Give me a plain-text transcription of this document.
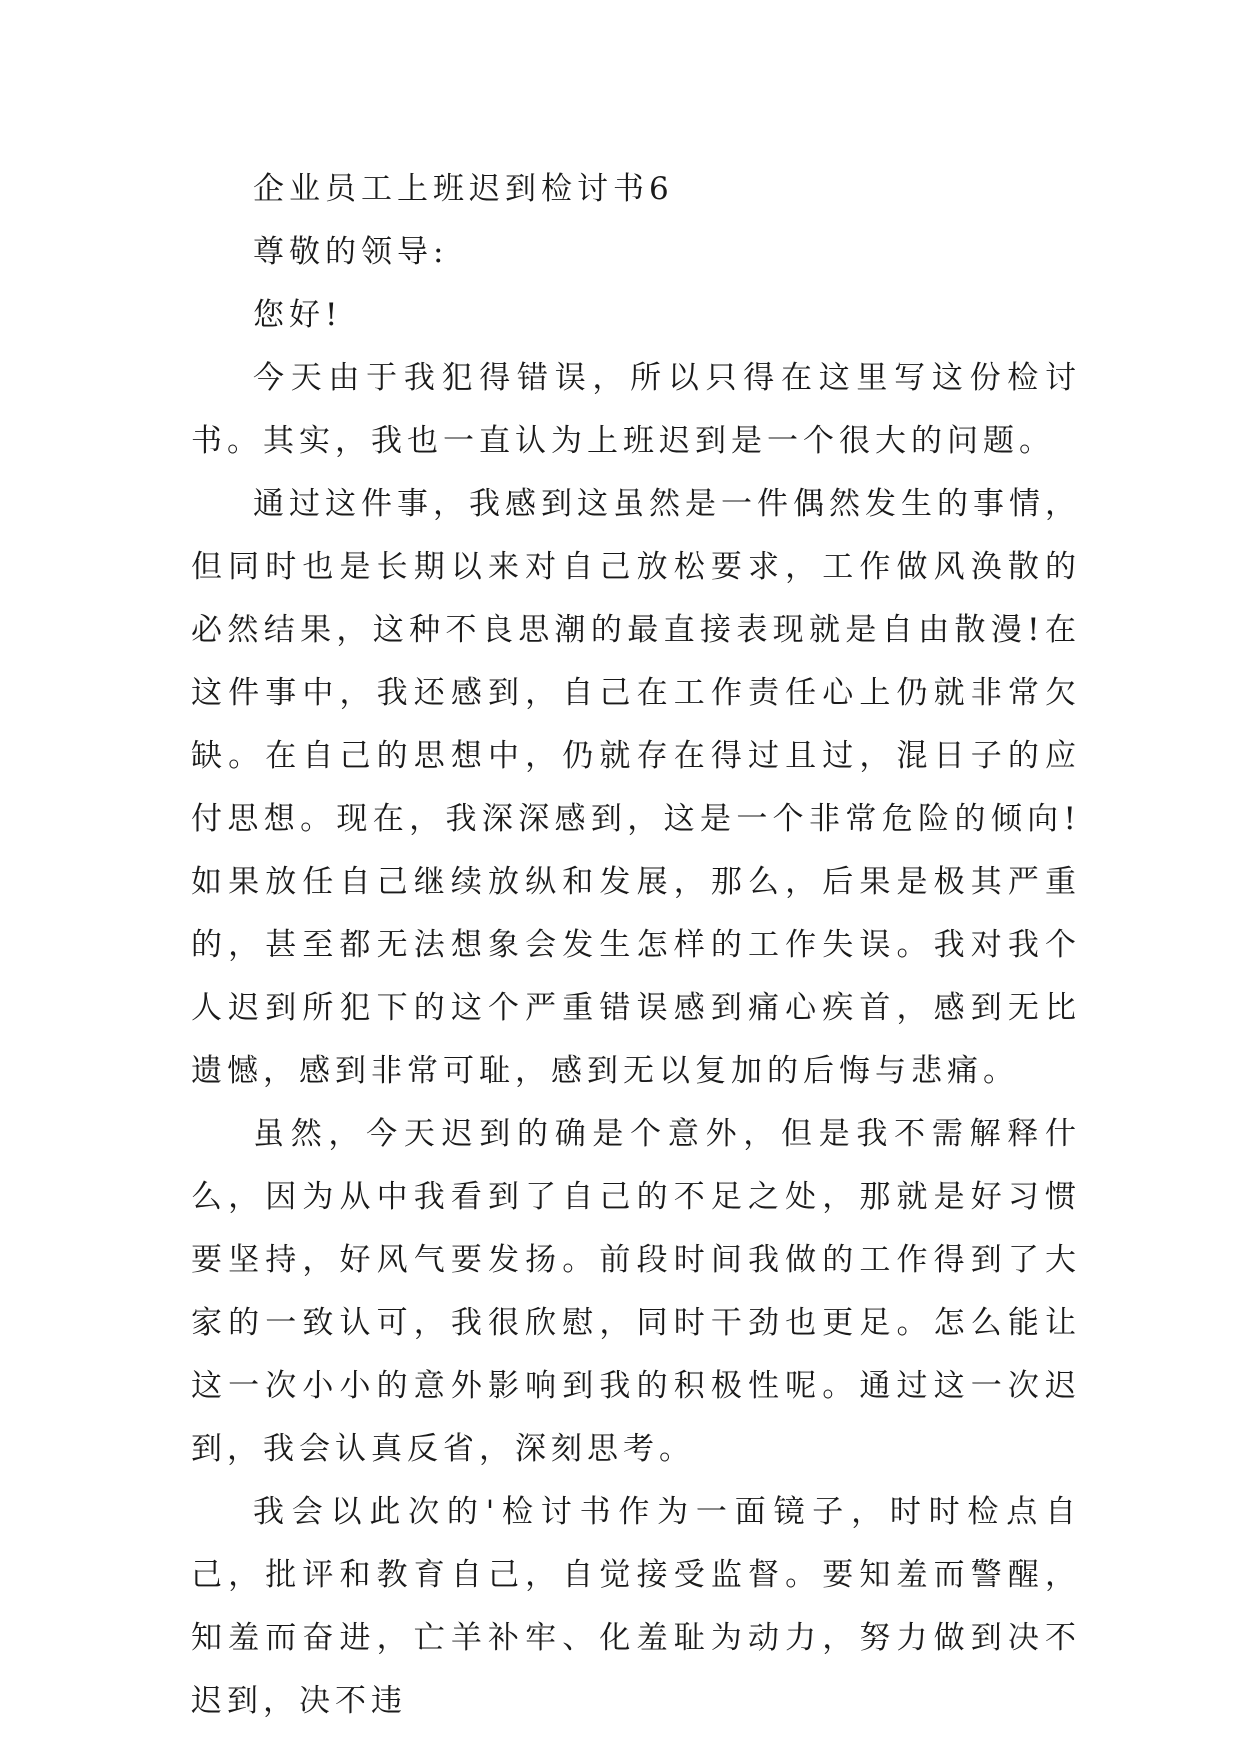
企业员工上班迟到检讨书6

尊敬的领导:

您好!

今天由于我犯得错误，所以只得在这里写这份检讨书。其实，我也一直认为上班迟到是一个很大的问题。

通过这件事，我感到这虽然是一件偶然发生的事情，但同时也是长期以来对自己放松要求，工作做风涣散的必然结果，这种不良思潮的最直接表现就是自由散漫!在这件事中，我还感到，自己在工作责任心上仍就非常欠缺。在自己的思想中，仍就存在得过且过，混日子的应付思想。现在，我深深感到，这是一个非常危险的倾向!如果放任自己继续放纵和发展，那么，后果是极其严重的，甚至都无法想象会发生怎样的工作失误。我对我个人迟到所犯下的这个严重错误感到痛心疾首，感到无比遗憾，感到非常可耻，感到无以复加的后悔与悲痛。

虽然，今天迟到的确是个意外，但是我不需解释什么，因为从中我看到了自己的不足之处，那就是好习惯要坚持，好风气要发扬。前段时间我做的工作得到了大家的一致认可，我很欣慰，同时干劲也更足。怎么能让这一次小小的意外影响到我的积极性呢。通过这一次迟到，我会认真反省，深刻思考。

我会以此次的'检讨书作为一面镜子，时时检点自己，批评和教育自己，自觉接受监督。要知羞而警醒，知羞而奋进，亡羊补牢、化羞耻为动力，努力做到决不迟到，决不违
